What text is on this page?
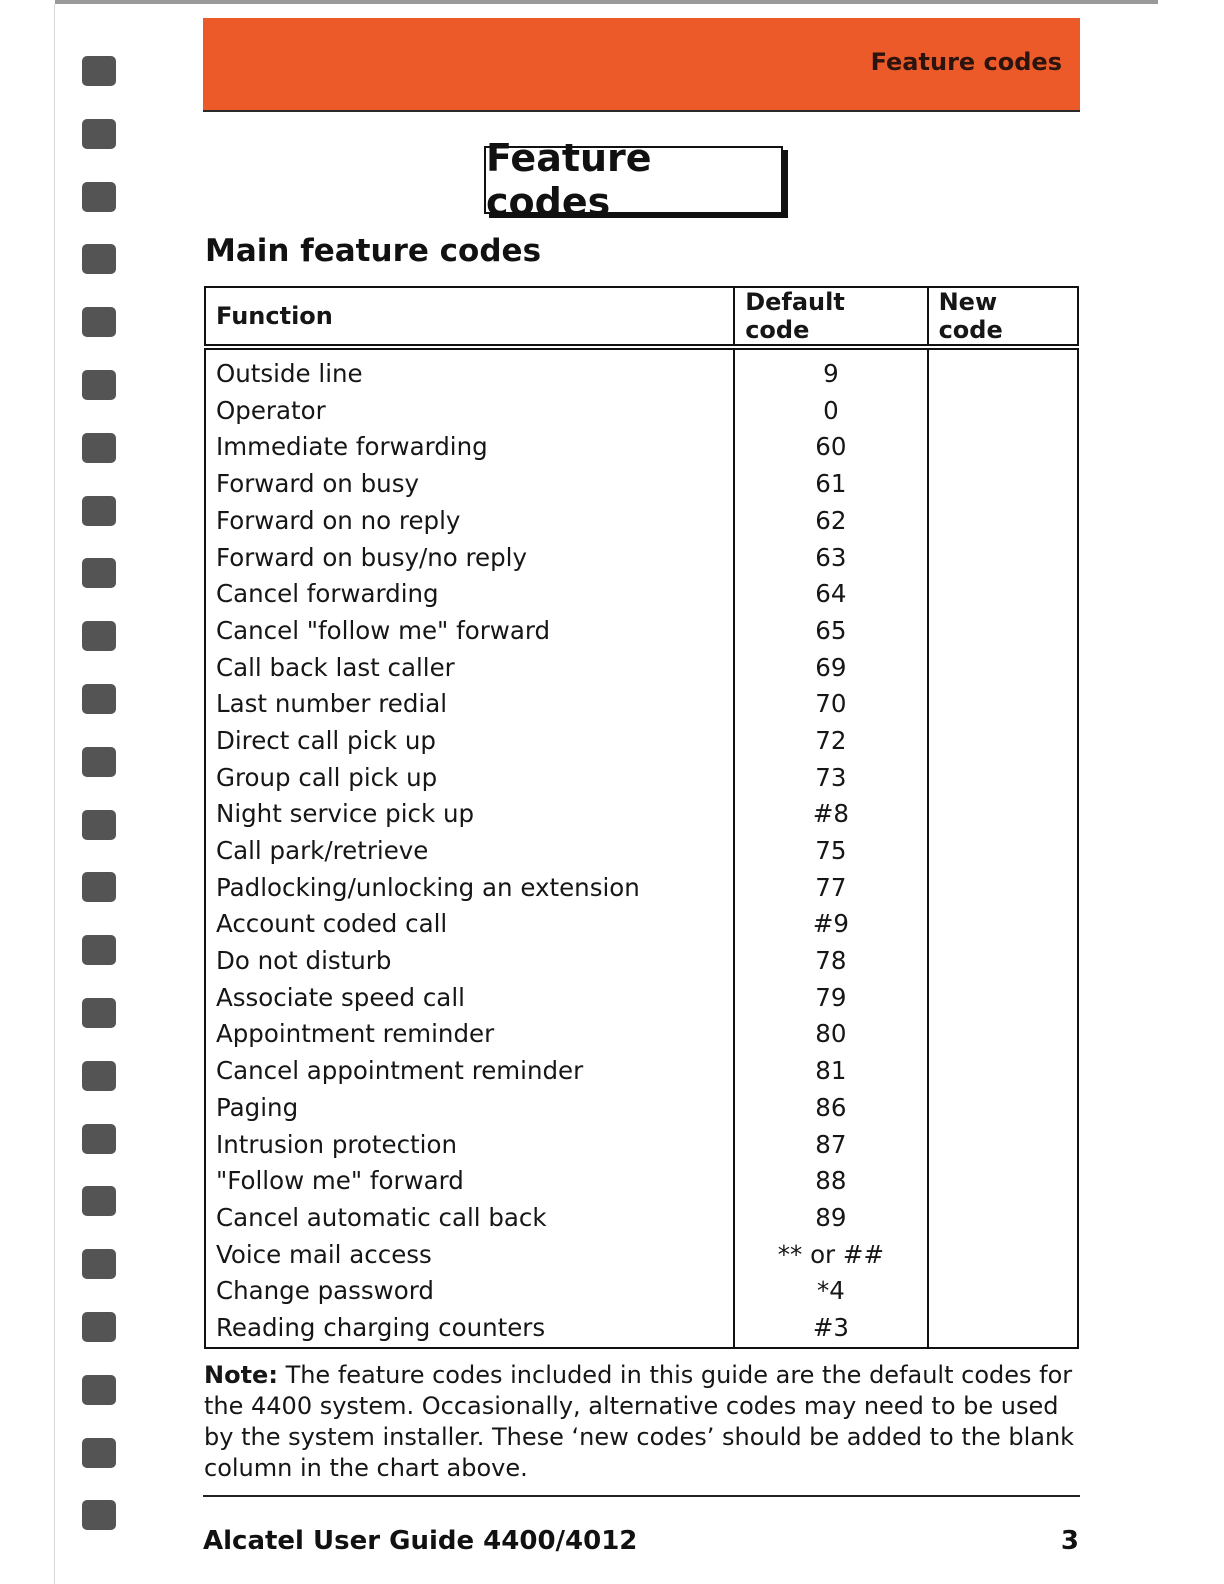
Feature codes
Feature codes
Main feature codes
Function	Default code	New code
Outside line	9	
Operator	0	
Immediate forwarding	60	
Forward on busy	61	
Forward on no reply	62	
Forward on busy/no reply	63	
Cancel forwarding	64	
Cancel "follow me" forward	65	
Call back last caller	69	
Last number redial	70	
Direct call pick up	72	
Group call pick up	73	
Night service pick up	#8	
Call park/retrieve	75	
Padlocking/unlocking an extension	77	
Account coded call	#9	
Do not disturb	78	
Associate speed call	79	
Appointment reminder	80	
Cancel appointment reminder	81	
Paging	86	
Intrusion protection	87	
"Follow me" forward	88	
Cancel automatic call back	89	
Voice mail access	** or ##	
Change password	*4	
Reading charging counters	#3	
Note: The feature codes included in this guide are the default codes for the 4400 system. Occasionally, alternative codes may need to be used by the system installer. These ‘new codes’ should be added to the blank column in the chart above.
Alcatel User Guide 4400/4012	3
